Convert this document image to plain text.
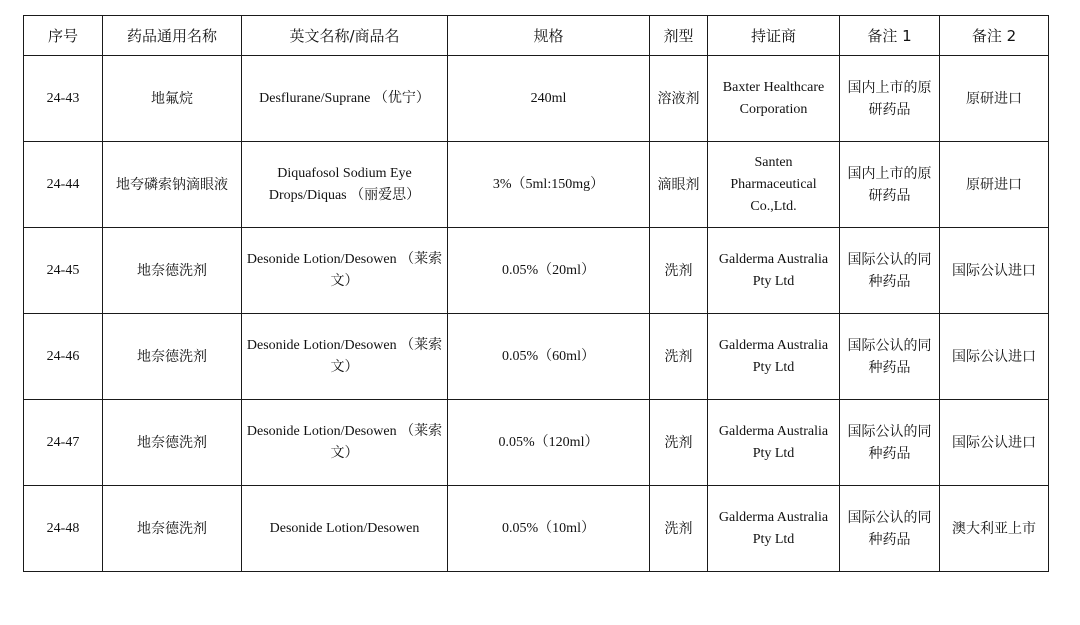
序号	药品通用名称	英文名称/商品名	规格	剂型	持证商	备注 1	备注 2
24-43	地氟烷	Desflurane/Suprane （优宁）	240ml	溶液剂	Baxter Healthcare Corporation	国内上市的原研药品	原研进口
24-44	地夸磷索钠滴眼液	Diquafosol Sodium Eye Drops/Diquas （丽爱思）	3%（5ml:150mg）	滴眼剂	Santen Pharmaceutical Co.,Ltd.	国内上市的原研药品	原研进口
24-45	地奈德洗剂	Desonide Lotion/Desowen （莱索文）	0.05%（20ml）	洗剂	Galderma Australia Pty Ltd	国际公认的同种药品	国际公认进口
24-46	地奈德洗剂	Desonide Lotion/Desowen （莱索文）	0.05%（60ml）	洗剂	Galderma Australia Pty Ltd	国际公认的同种药品	国际公认进口
24-47	地奈德洗剂	Desonide Lotion/Desowen （莱索文）	0.05%（120ml）	洗剂	Galderma Australia Pty Ltd	国际公认的同种药品	国际公认进口
24-48	地奈德洗剂	Desonide Lotion/Desowen	0.05%（10ml）	洗剂	Galderma Australia Pty Ltd	国际公认的同种药品	澳大利亚上市
